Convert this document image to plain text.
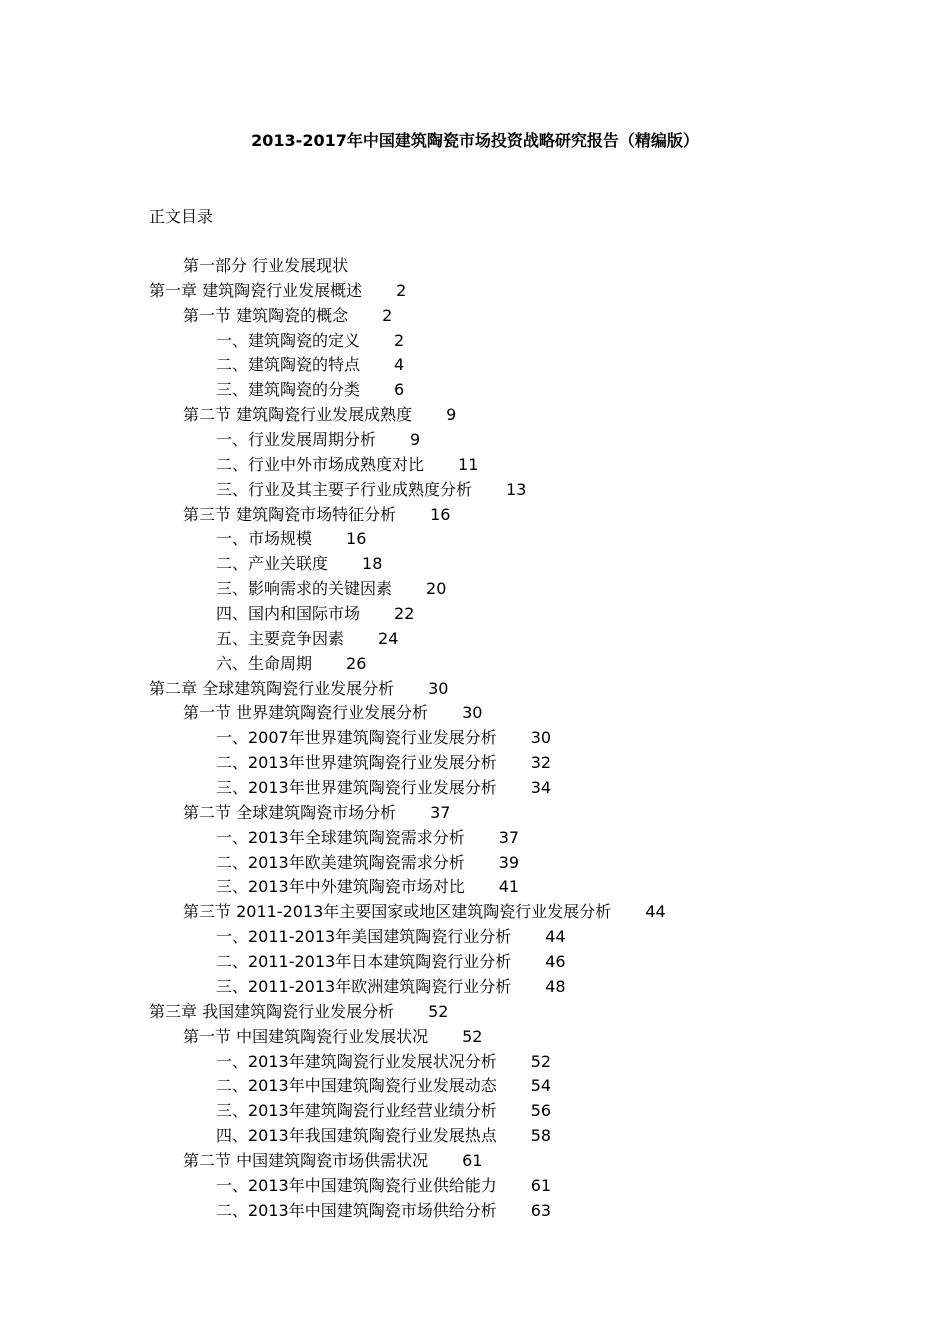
2013-2017年中国建筑陶瓷市场投资战略研究报告（精编版）
正文目录
第一部分 行业发展现状
第一章 建筑陶瓷行业发展概述 2
第一节 建筑陶瓷的概念 2
一、建筑陶瓷的定义 2
二、建筑陶瓷的特点 4
三、建筑陶瓷的分类 6
第二节 建筑陶瓷行业发展成熟度 9
一、行业发展周期分析 9
二、行业中外市场成熟度对比 11
三、行业及其主要子行业成熟度分析 13
第三节 建筑陶瓷市场特征分析 16
一、市场规模 16
二、产业关联度 18
三、影响需求的关键因素 20
四、国内和国际市场 22
五、主要竞争因素 24
六、生命周期 26
第二章 全球建筑陶瓷行业发展分析 30
第一节 世界建筑陶瓷行业发展分析 30
一、2007年世界建筑陶瓷行业发展分析 30
二、2013年世界建筑陶瓷行业发展分析 32
三、2013年世界建筑陶瓷行业发展分析 34
第二节 全球建筑陶瓷市场分析 37
一、2013年全球建筑陶瓷需求分析 37
二、2013年欧美建筑陶瓷需求分析 39
三、2013年中外建筑陶瓷市场对比 41
第三节 2011-2013年主要国家或地区建筑陶瓷行业发展分析 44
一、2011-2013年美国建筑陶瓷行业分析 44
二、2011-2013年日本建筑陶瓷行业分析 46
三、2011-2013年欧洲建筑陶瓷行业分析 48
第三章 我国建筑陶瓷行业发展分析 52
第一节 中国建筑陶瓷行业发展状况 52
一、2013年建筑陶瓷行业发展状况分析 52
二、2013年中国建筑陶瓷行业发展动态 54
三、2013年建筑陶瓷行业经营业绩分析 56
四、2013年我国建筑陶瓷行业发展热点 58
第二节 中国建筑陶瓷市场供需状况 61
一、2013年中国建筑陶瓷行业供给能力 61
二、2013年中国建筑陶瓷市场供给分析 63
